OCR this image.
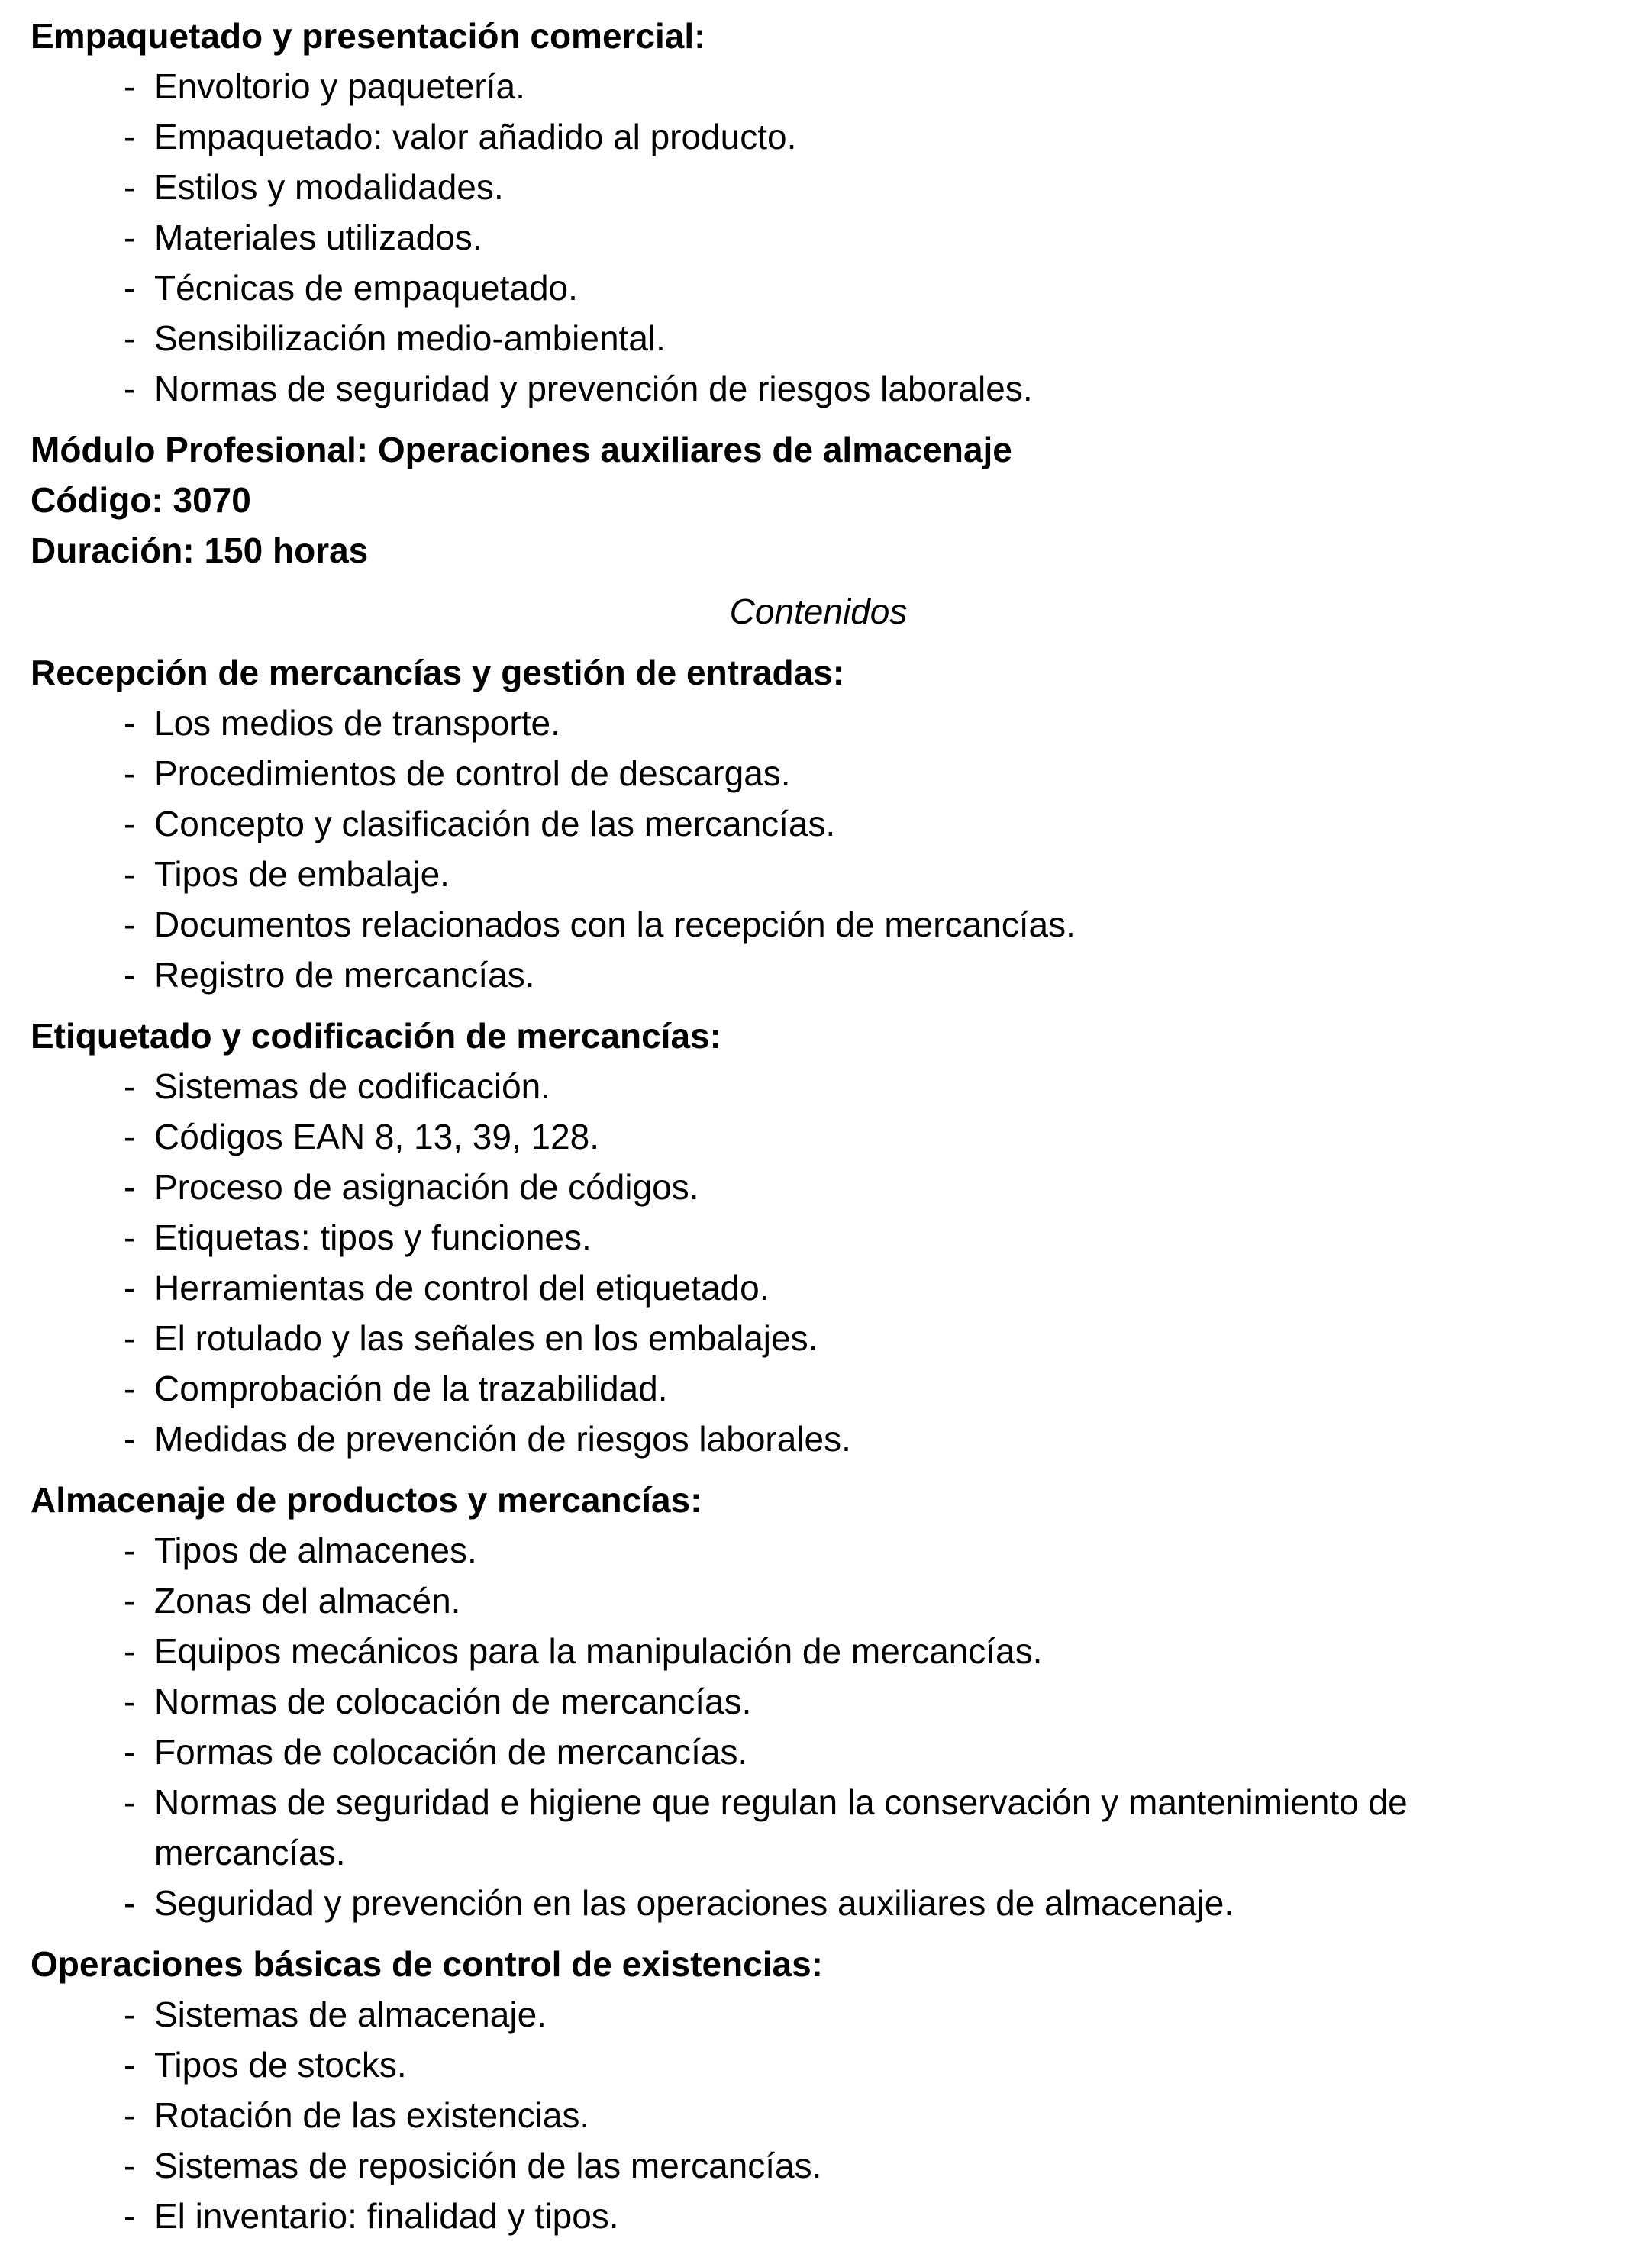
Empaquetado y presentación comercial:
- Envoltorio y paquetería.
- Empaquetado: valor añadido al producto.
- Estilos y modalidades.
- Materiales utilizados.
- Técnicas de empaquetado.
- Sensibilización medio-ambiental.
- Normas de seguridad y prevención de riesgos laborales.
Módulo Profesional: Operaciones auxiliares de almacenaje
Código: 3070
Duración: 150 horas
Contenidos
Recepción de mercancías y gestión de entradas:
- Los medios de transporte.
- Procedimientos de control de descargas.
- Concepto y clasificación de las mercancías.
- Tipos de embalaje.
- Documentos relacionados con la recepción de mercancías.
- Registro de mercancías.
Etiquetado y codificación de mercancías:
- Sistemas de codificación.
- Códigos EAN 8, 13, 39, 128.
- Proceso de asignación de códigos.
- Etiquetas: tipos y funciones.
- Herramientas de control del etiquetado.
- El rotulado y las señales en los embalajes.
- Comprobación de la trazabilidad.
- Medidas de prevención de riesgos laborales.
Almacenaje de productos y mercancías:
- Tipos de almacenes.
- Zonas del almacén.
- Equipos mecánicos para la manipulación de mercancías.
- Normas de colocación de mercancías.
- Formas de colocación de mercancías.
- Normas de seguridad e higiene que regulan la conservación y mantenimiento de mercancías.
- Seguridad y prevención en las operaciones auxiliares de almacenaje.
Operaciones básicas de control de existencias:
- Sistemas de almacenaje.
- Tipos de stocks.
- Rotación de las existencias.
- Sistemas de reposición de las mercancías.
- El inventario: finalidad y tipos.
